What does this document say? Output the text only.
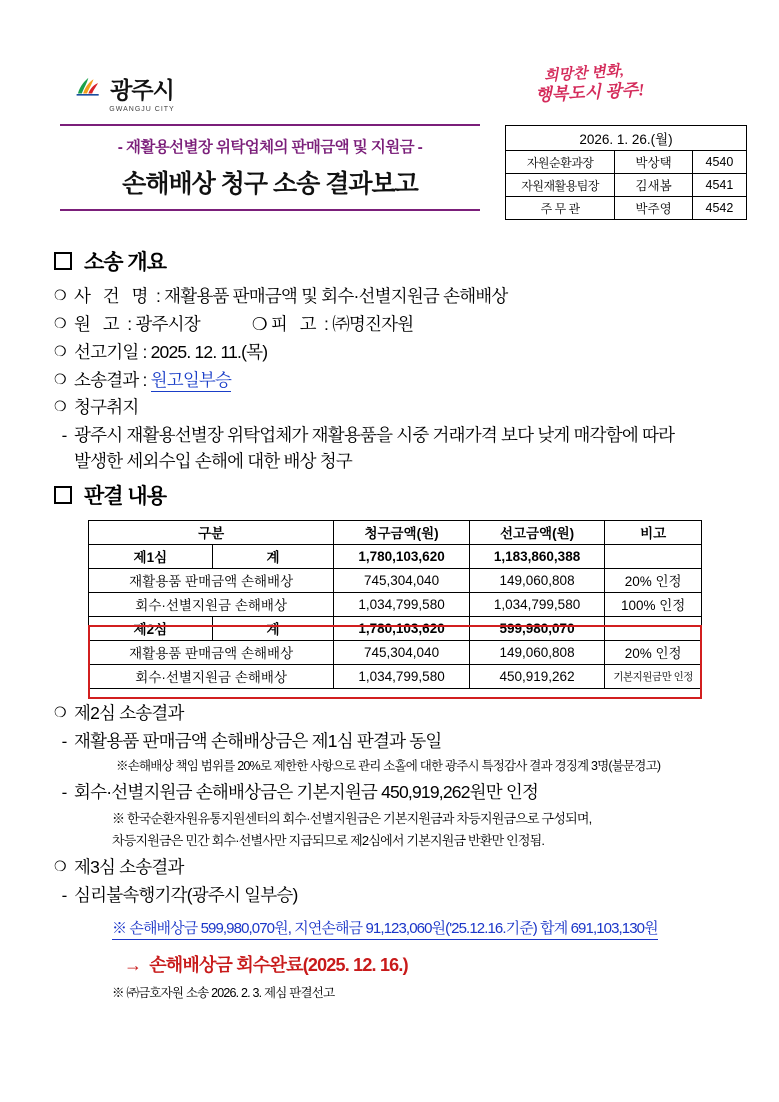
광주시
GWANGJU CITY
희망찬 변화,
행복도시 광주!
2026. 1. 26.(월)		
자원순환과장	박상택	4540
자원재활용팀장	김새봄	4541
주 무 관	박주영	4542
- 재활용선별장 위탁업체의 판매금액 및 지원금 -
손해배상 청구 소송 결과보고
소송 개요
❍ 사 건 명 : 재활용품 판매금액 및 회수·선별지원금 손해배상
❍ 원 고 : 광주시장	❍ 피 고 : ㈜명진자원
❍ 선고기일 : 2025. 12. 11.(목)
❍ 소송결과 : 원고일부승
❍ 청구취지
- 광주시 재활용선별장 위탁업체가 재활용품을 시중 거래가격 보다 낮게 매각함에 따라 발생한 세외수입 손해에 대한 배상 청구
판결 내용
구분		청구금액(원)	선고금액(원)	비고
제1심	계	1,780,103,620	1,183,860,388	
재활용품 판매금액 손해배상		745,304,040	149,060,808	20% 인정
회수·선별지원금 손해배상		1,034,799,580	1,034,799,580	100% 인정
제2심	계	1,780,103,620	599,980,070	
재활용품 판매금액 손해배상		745,304,040	149,060,808	20% 인정
회수·선별지원금 손해배상		1,034,799,580	450,919,262	기본지원금만 인정
❍ 제2심 소송결과
- 재활용품 판매금액 손해배상금은 제1심 판결과 동일
※손해배상 책임 범위를 20%로 제한한 사항으로 관리 소홀에 대한 광주시 특정감사 결과 경징계 3명(불문경고)
- 회수·선별지원금 손해배상금은 기본지원금 450,919,262원만 인정
※ 한국순환자원유통지원센터의 회수·선별지원금은 기본지원금과 차등지원금으로 구성되며,
차등지원금은 민간 회수·선별사만 지급되므로 제2심에서 기본지원금 반환만 인정됨.
❍ 제3심 소송결과
- 심리불속행기각(광주시 일부승)
※ 손해배상금 599,980,070원, 지연손해금 91,123,060원('25.12.16.기준) 합계 691,103,130원
→ 손해배상금 회수완료(2025. 12. 16.)
※ ㈜금호자원 소송 2026. 2. 3. 제심 판결선고
